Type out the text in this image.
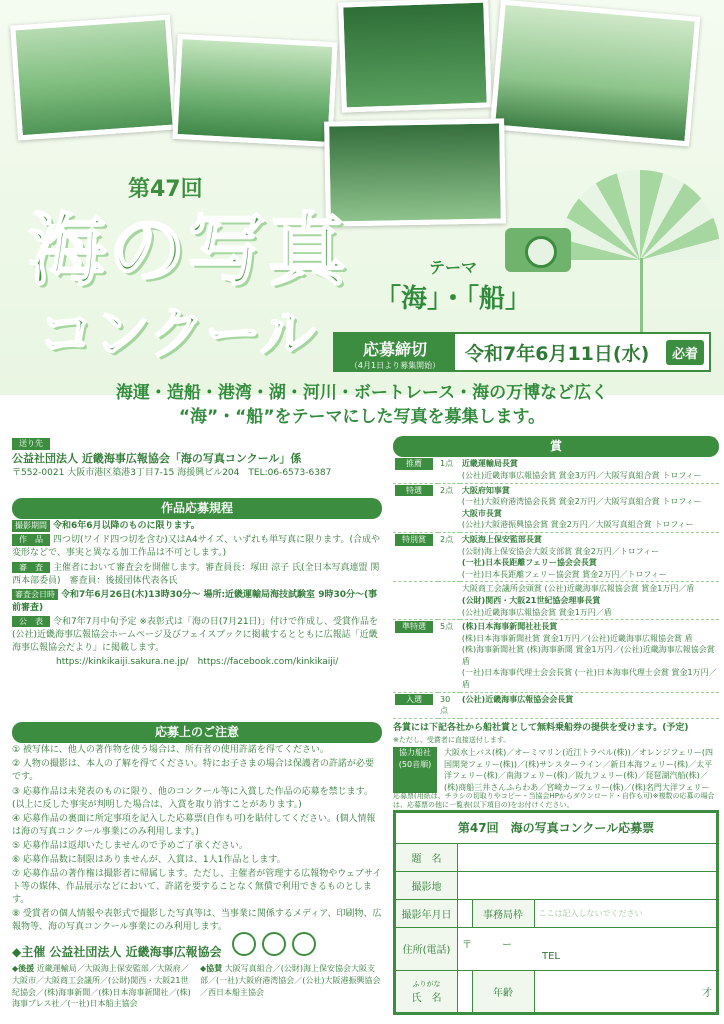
第47回
海の写真
コンクール
テーマ
「海」・「船」
応募締切
（4月1日より募集開始）
令和7年6月11日(水)	必着
海運・造船・港湾・湖・河川・ボートレース・海の万博など広く
“海”・“船”をテーマにした写真を募集します。
送り先
公益社団法人 近畿海事広報協会「海の写真コンクール」係
〒552-0021 大阪市港区築港3丁目7-15 海援興ビル204　TEL:06-6573-6387
作品応募規程
撮影期間 令和6年6月以降のものに限ります。
作　品 四つ切(ワイド四つ切を含む)又はA4サイズ、いずれも単写真に限ります。(合成や変形などで、事実と異なる加工作品は不可とします。)
審　査 主催者において審査会を開催します。審査員長：塚田 涼子 氏(全日本写真連盟 関西本部委員)　審査員：後援団体代表各氏
審査会日時 令和7年6月26日(木)13時30分～ 場所:近畿運輸局海技試験室 9時30分～(事前審査)
公　表 令和7年7月中旬予定 ※表彰式は「海の日(7月21日)」付けで作成し、受賞作品を(公社)近畿海事広報協会ホームページ及びフェイスブックに掲載するとともに広報誌「近畿海事広報協会だより」に掲載します。
https://kinkikaiji.sakura.ne.jp/　https://facebook.com/kinkikaiji/
応募上のご注意
① 被写体に、他人の著作物を使う場合は、所有者の使用許諾を得てください。
② 人物の撮影は、本人の了解を得てください。特にお子さまの場合は保護者の許諾が必要です。
③ 応募作品は未発表のものに限り、他のコンクール等に入賞した作品の応募を禁じます。(以上に反した事実が判明した場合は、入賞を取り消すことがあります。)
④ 応募作品の裏面に所定事項を記入した応募票(自作も可)を貼付してください。(個人情報は海の写真コンクール事業にのみ利用します。)
⑤ 応募作品は返却いたしませんので予めご了承ください。
⑥ 応募作品数に制限はありませんが、入賞は、1人1作品とします。
⑦ 応募作品の著作権は撮影者に帰属します。ただし、主催者が管理する広報物やウェブサイト等の媒体、作品展示などにおいて、許諾を要することなく無償で利用できるものとします。
⑧ 受賞者の個人情報や表彰式で撮影した写真等は、当事業に関係するメディア、印刷物、広報物等、海の写真コンクール事業にのみ利用します。
◆主催 公益社団法人 近畿海事広報協会
◆後援 近畿運輸局／大阪海上保安監部／大阪府／大阪市／大阪商工会議所／(公財)関西・大阪21世紀協会／(株)海事新聞／(株)日本海事新聞社／(株)海事プレス社／(一社)日本船主協会
◆協賛 大阪写真組合／(公財)海上保安協会大阪支部／(一社)大阪府港湾協会／(公社)大阪港振興協会／西日本船主協会
賞
推薦	1点	近畿運輸局長賞
(公社)近畿海事広報協会賞 賞金3万円／大阪写真組合賞 トロフィー

特選	2点	大阪府知事賞
(一社)大阪府港湾協会長賞 賞金2万円／大阪写真組合賞 トロフィー
大阪市長賞
(公社)大阪港振興協会賞 賞金2万円／大阪写真組合賞 トロフィー

特別賞	2点	大阪海上保安監部長賞
(公財)海上保安協会大阪支部賞 賞金2万円／トロフィー
(一社)日本長距離フェリー協会会長賞
(一社)日本長距離フェリー協会賞 賞金2万円／トロフィー

		大阪商工会議所会頭賞 (公社)近畿海事広報協会賞 賞金1万円／盾
(公財)関西・大阪21世紀協会理事長賞
(公社)近畿海事広報協会賞 賞金1万円／盾

準特選	5点	(株)日本海事新聞社社長賞
(株)日本海事新聞社賞 賞金1万円／(公社)近畿海事広報協会賞 盾
(株)海事新聞社賞 (株)海事新聞 賞金1万円／(公社)近畿海事広報協会賞 盾
(一社)日本海事代理士会会長賞 (一社)日本海事代理士会賞 賞金1万円／盾

入選	30点	(公社)近畿海事広報協会会長賞
各賞には下記各社から船社賞として無料乗船券の提供を受けます。(予定)
※ただし、受賞者に直接送付します。
協力船社(50音順)
大阪水上バス(株)／オーミマリン(近江トラベル(株))／オレンジフェリー(四国開発フェリー(株))／(株)サンスターライン／新日本海フェリー(株)／太平洋フェリー(株)／南海フェリー(株)／阪九フェリー(株)／琵琶湖汽船(株)／(株)商船三井さんふらわあ／宮崎カーフェリー(株)／(株)名門大洋フェリー
応募票(用紙は、チラシの切取りやコピー・当協会HPからダウンロード・自作も可)※複数の応募の場合は、応募票の他に一覧表(以下項目の)をお付けください。
第47回　海の写真コンクール応募票			
題　名			
撮影地			
撮影年月日		事務局枠	ここは記入しないでください
住所(電話)	〒　　　ー
TEL		

ふりがな
氏　名		年齢	才
